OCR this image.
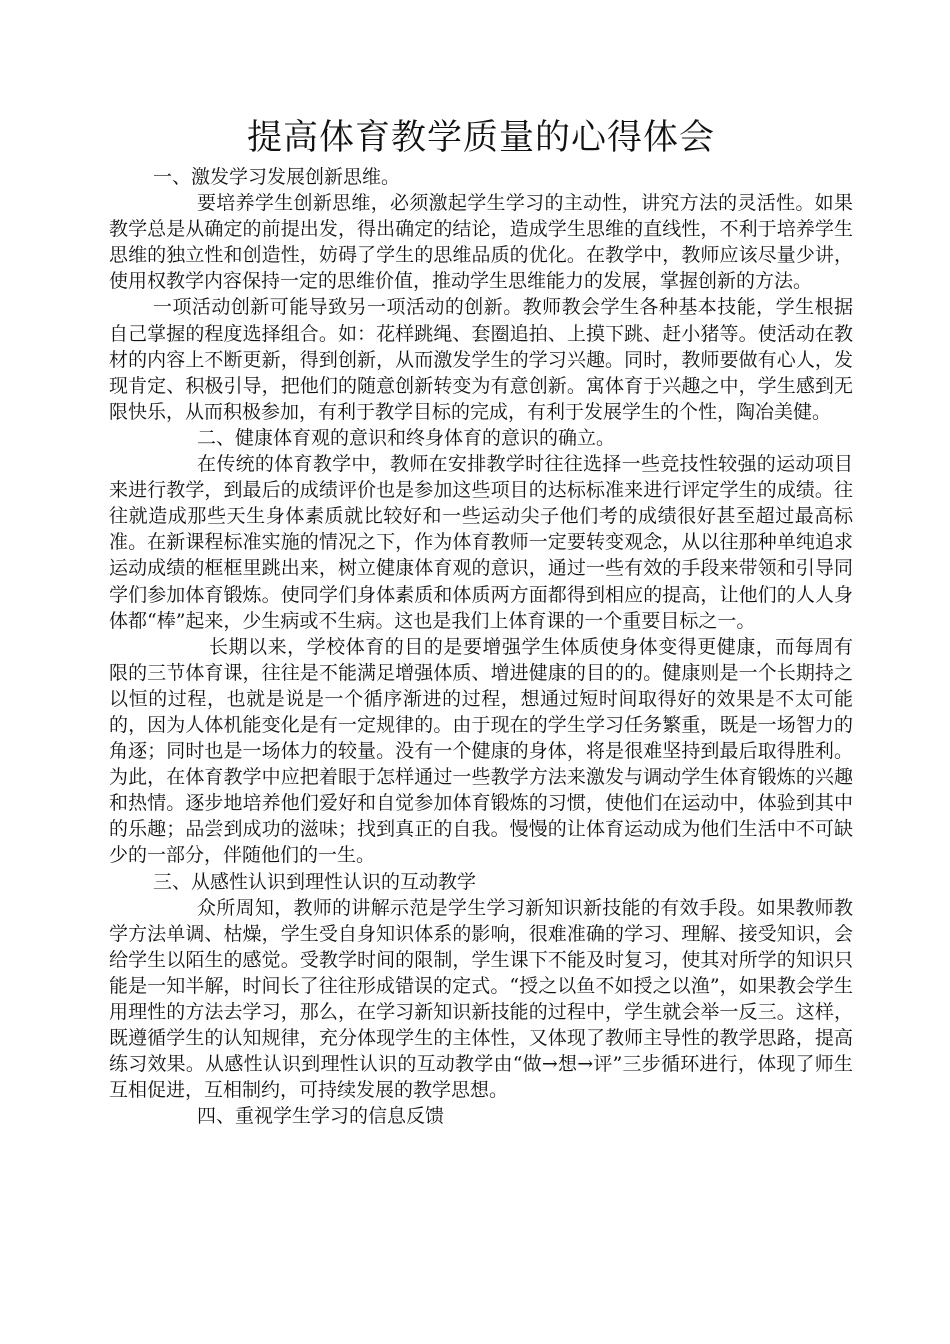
提高体育教学质量的心得体会

一、激发学习发展创新思维。

要培养学生创新思维，必须激起学生学习的主动性，讲究方法的灵活性。如果教学总是从确定的前提出发，得出确定的结论，造成学生思维的直线性，不利于培养学生思维的独立性和创造性，妨碍了学生的思维品质的优化。在教学中，教师应该尽量少讲，使用权教学内容保持一定的思维价值，推动学生思维能力的发展，掌握创新的方法。

一项活动创新可能导致另一项活动的创新。教师教会学生各种基本技能，学生根据自己掌握的程度选择组合。如：花样跳绳、套圈追拍、上摸下跳、赶小猪等。使活动在教材的内容上不断更新，得到创新，从而激发学生的学习兴趣。同时，教师要做有心人，发现肯定、积极引导，把他们的随意创新转变为有意创新。寓体育于兴趣之中，学生感到无限快乐，从而积极参加，有利于教学目标的完成，有利于发展学生的个性，陶冶美健。

二、健康体育观的意识和终身体育的意识的确立。

在传统的体育教学中，教师在安排教学时往往选择一些竞技性较强的运动项目来进行教学，到最后的成绩评价也是参加这些项目的达标标准来进行评定学生的成绩。往往就造成那些天生身体素质就比较好和一些运动尖子他们考的成绩很好甚至超过最高标准。在新课程标准实施的情况之下，作为体育教师一定要转变观念，从以往那种单纯追求运动成绩的框框里跳出来，树立健康体育观的意识，通过一些有效的手段来带领和引导同学们参加体育锻炼。使同学们身体素质和体质两方面都得到相应的提高，让他们的人人身体都“棒”起来，少生病或不生病。这也是我们上体育课的一个重要目标之一。

长期以来，学校体育的目的是要增强学生体质使身体变得更健康，而每周有限的三节体育课，往往是不能满足增强体质、增进健康的目的的。健康则是一个长期持之以恒的过程，也就是说是一个循序渐进的过程，想通过短时间取得好的效果是不太可能的，因为人体机能变化是有一定规律的。由于现在的学生学习任务繁重，既是一场智力的角逐；同时也是一场体力的较量。没有一个健康的身体，将是很难坚持到最后取得胜利。为此，在体育教学中应把着眼于怎样通过一些教学方法来激发与调动学生体育锻炼的兴趣和热情。逐步地培养他们爱好和自觉参加体育锻炼的习惯，使他们在运动中，体验到其中的乐趣；品尝到成功的滋味；找到真正的自我。慢慢的让体育运动成为他们生活中不可缺少的一部分，伴随他们的一生。

三、从感性认识到理性认识的互动教学

众所周知，教师的讲解示范是学生学习新知识新技能的有效手段。如果教师教学方法单调、枯燥，学生受自身知识体系的影响，很难准确的学习、理解、接受知识，会给学生以陌生的感觉。受教学时间的限制，学生课下不能及时复习，使其对所学的知识只能是一知半解，时间长了往往形成错误的定式。“授之以鱼不如授之以渔”，如果教会学生用理性的方法去学习，那么，在学习新知识新技能的过程中，学生就会举一反三。这样，既遵循学生的认知规律，充分体现学生的主体性，又体现了教师主导性的教学思路，提高练习效果。从感性认识到理性认识的互动教学由“做→想→评”三步循环进行，体现了师生互相促进，互相制约，可持续发展的教学思想。

四、重视学生学习的信息反馈
